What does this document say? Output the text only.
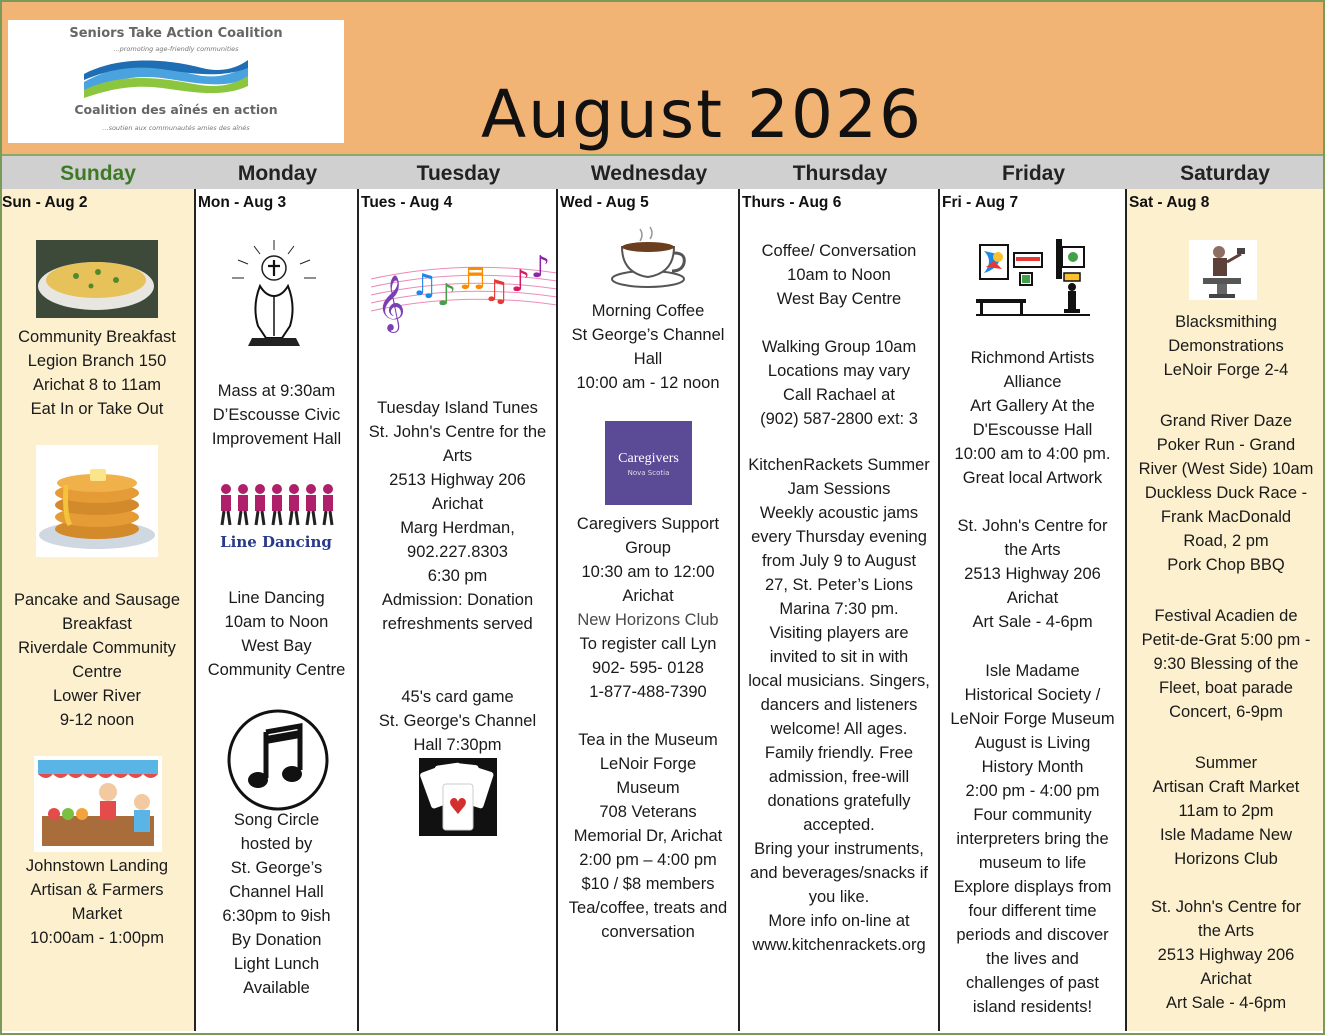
Seniors Take Action Coalition
...promoting age-friendly communities
Coalition des aînés en action
...soutien aux communautés amies des aînés	August 2026
Sunday	Monday	Tuesday	Wednesday	Thursday	Friday	Saturday
Sun - Aug 2
Community Breakfast
Legion Branch 150
Arichat 8 to 11am
Eat In or Take Out
Pancake and Sausage
Breakfast
Riverdale Community
Centre
Lower River
9-12 noon
Johnstown Landing
Artisan & Farmers
Market
10:00am - 1:00pm
Mon - Aug 3
Mass at 9:30am
D’Escousse Civic
Improvement Hall
Line Dancing
Line Dancing
10am to Noon
West Bay
Community Centre
Song Circle
hosted by
St. George’s
Channel Hall
6:30pm to 9ish
By Donation
Light Lunch
Available
Tues - Aug 4
𝄞 ♫ ♪ ♬
♫ ♪ ♪
Tuesday Island Tunes
St. John's Centre for the
Arts
2513 Highway 206
Arichat
Marg Herdman,
902.227.8303
6:30 pm
Admission: Donation
refreshments served
45's card game
St. George's Channel
Hall 7:30pm
♥
Wed - Aug 5
Morning Coffee
St George’s Channel
Hall
10:00 am - 12 noon
Caregivers
Nova Scotia
Caregivers Support
Group
10:30 am to 12:00
Arichat
New Horizons Club
To register call Lyn
902- 595- 0128
1-877-488-7390
Tea in the Museum
LeNoir Forge
Museum
708 Veterans
Memorial Dr, Arichat
2:00 pm – 4:00 pm
$10 / $8 members
Tea/coffee, treats and
conversation
Thurs - Aug 6
Coffee/ Conversation
10am to Noon
West Bay Centre
Walking Group 10am
Locations may vary
Call Rachael at
(902) 587-2800 ext: 3
KitchenRackets Summer
Jam Sessions
Weekly acoustic jams
every Thursday evening
from July 9 to August
27, St. Peter’s Lions
Marina 7:30 pm.
Visiting players are
invited to sit in with
local musicians. Singers,
dancers and listeners
welcome! All ages.
Family friendly. Free
admission, free-will
donations gratefully
accepted.
Bring your instruments,
and beverages/snacks if
you like.
More info on-line at
www.kitchenrackets.org
Fri - Aug 7
Richmond Artists
Alliance
Art Gallery At the
D'Escousse Hall
10:00 am to 4:00 pm.
Great local Artwork
St. John's Centre for
the Arts
2513 Highway 206
Arichat
Art Sale - 4-6pm
Isle Madame
Historical Society /
LeNoir Forge Museum
August is Living
History Month
2:00 pm - 4:00 pm
Four community
interpreters bring the
museum to life
Explore displays from
four different time
periods and discover
the lives and
challenges of past
island residents!
Sat - Aug 8
Blacksmithing
Demonstrations
LeNoir Forge 2-4
Grand River Daze
Poker Run - Grand
River (West Side) 10am
Duckless Duck Race -
Frank MacDonald
Road, 2 pm
Pork Chop BBQ
Festival Acadien de
Petit-de-Grat 5:00 pm -
9:30 Blessing of the
Fleet, boat parade
Concert, 6-9pm
Summer
Artisan Craft Market
11am to 2pm
Isle Madame New
Horizons Club
St. John's Centre for
the Arts
2513 Highway 206
Arichat
Art Sale - 4-6pm
